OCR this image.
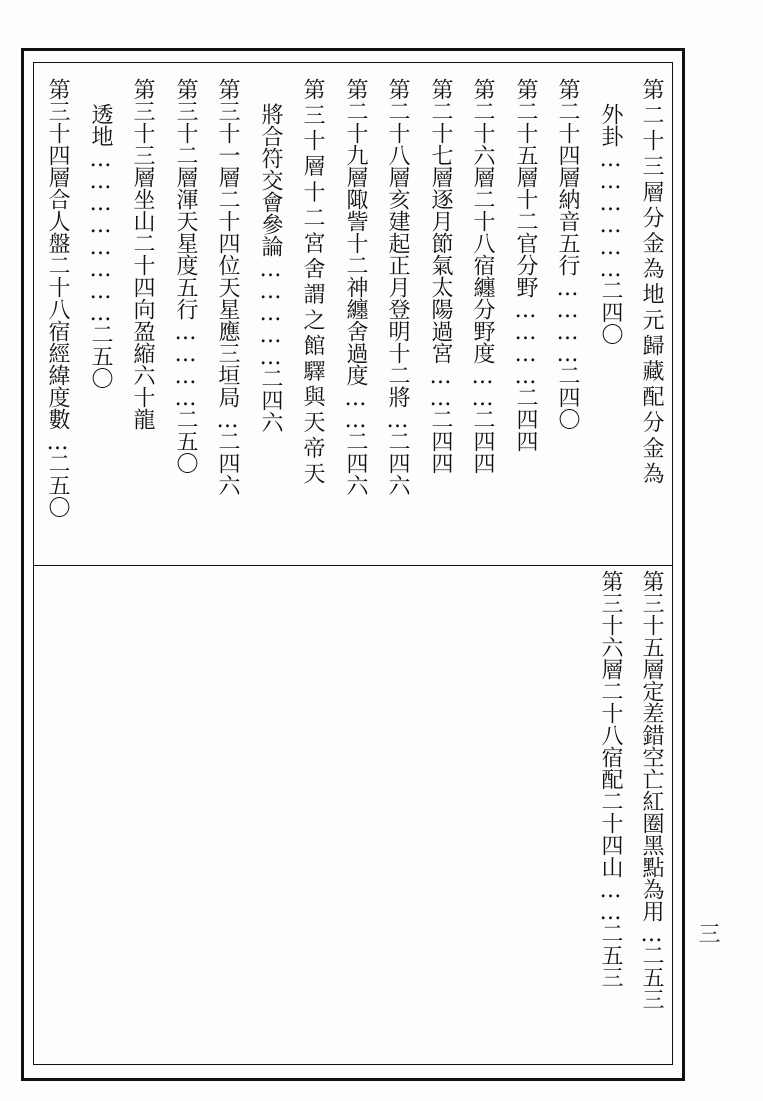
第二十三層分金為地元歸藏配分金為
外卦………………二四〇
第二十四層納音五行…………二四〇
第二十五層十二官分野…………二四四
第二十六層二十八宿纏分野度……二四四
第二十七層逐月節氣太陽過宮……二四四
第二十八層亥建起正月登明十二將…二四六
第二十九層陬訾十二神纏舍過度……二四六
第三十層十二宮舍謂之館驛與天帝天
將合符交會參論……………二四六
第三十一層二十四位天星應三垣局…二四六
第三十二層渾天星度五行…………二五〇
第三十三層坐山二十四向盈縮六十龍
透地……………………二五〇
第三十四層合人盤二十八宿經緯度數…二五〇
第三十五層定差錯空亡紅圈黑點為用…二五三
第三十六層二十八宿配二十四山……二五三	三
